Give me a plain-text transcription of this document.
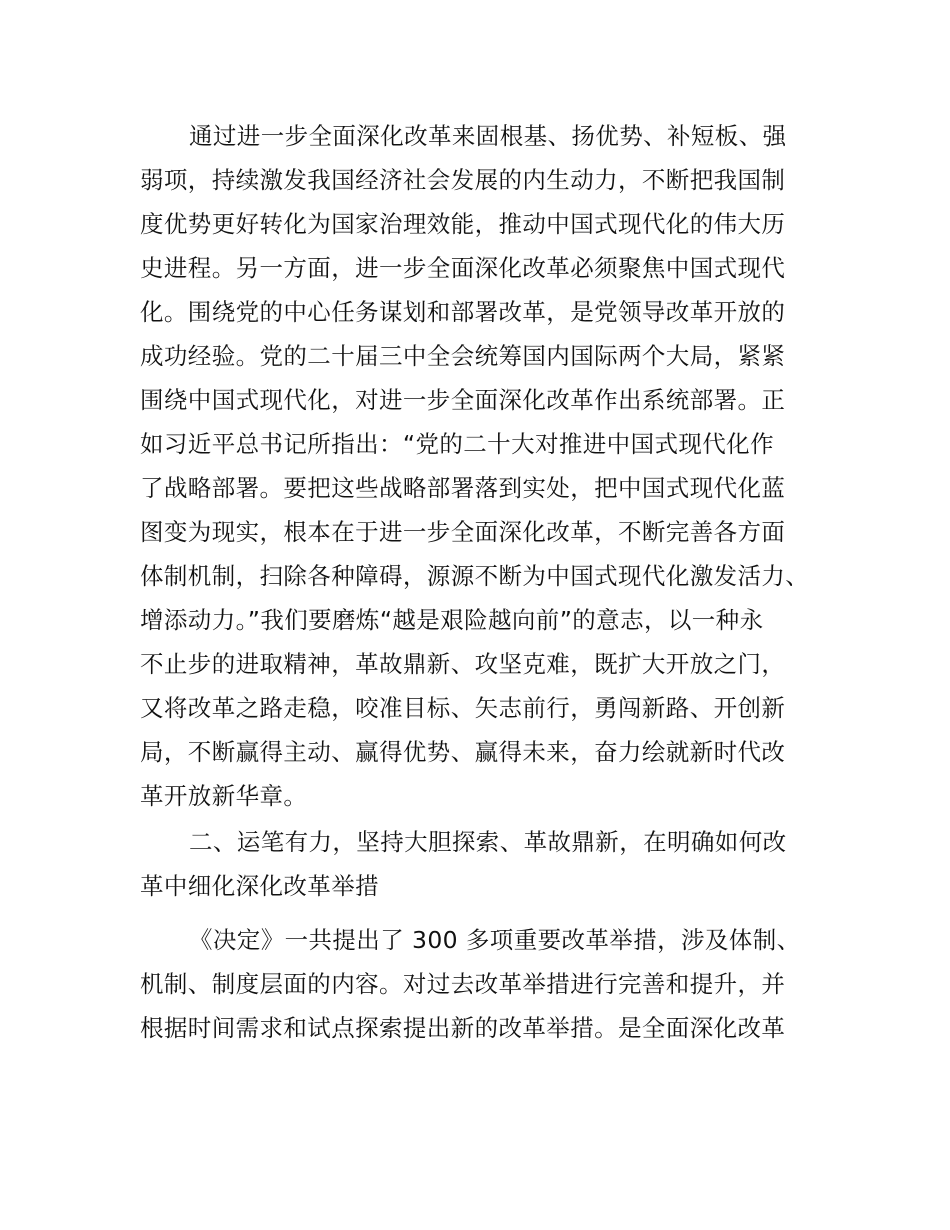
通过进一步全面深化改革来固根基、扬优势、补短板、强
弱项，持续激发我国经济社会发展的内生动力，不断把我国制
度优势更好转化为国家治理效能，推动中国式现代化的伟大历
史进程。另一方面，进一步全面深化改革必须聚焦中国式现代
化。围绕党的中心任务谋划和部署改革，是党领导改革开放的
成功经验。党的二十届三中全会统筹国内国际两个大局，紧紧
围绕中国式现代化，对进一步全面深化改革作出系统部署。正
如习近平总书记所指出：“党的二十大对推进中国式现代化作
了战略部署。要把这些战略部署落到实处，把中国式现代化蓝
图变为现实，根本在于进一步全面深化改革，不断完善各方面
体制机制，扫除各种障碍，源源不断为中国式现代化激发活力、
增添动力。”我们要磨炼“越是艰险越向前”的意志，以一种永
不止步的进取精神，革故鼎新、攻坚克难，既扩大开放之门，
又将改革之路走稳，咬准目标、矢志前行，勇闯新路、开创新
局，不断赢得主动、赢得优势、赢得未来，奋力绘就新时代改
革开放新华章。
二、运笔有力，坚持大胆探索、革故鼎新，在明确如何改
革中细化深化改革举措
《决定》一共提出了 300 多项重要改革举措，涉及体制、
机制、制度层面的内容。对过去改革举措进行完善和提升，并
根据时间需求和试点探索提出新的改革举措。是全面深化改革
